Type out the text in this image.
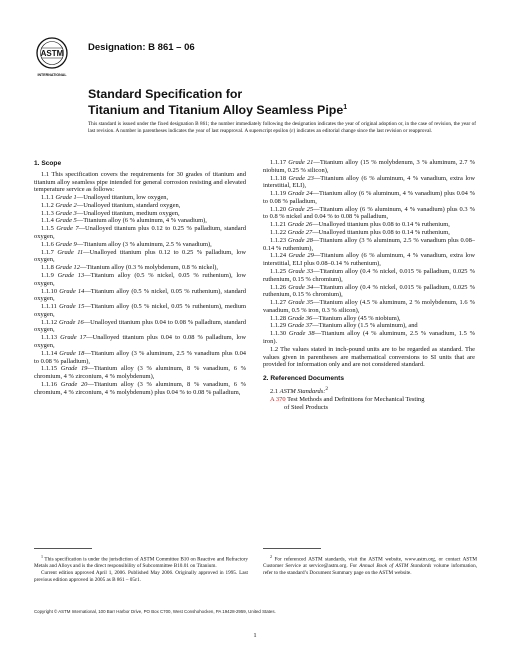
ASTM
INTERNATIONAL
Designation: B 861 – 06
Standard Specification for
Titanium and Titanium Alloy Seamless Pipe$^1$
This standard is issued under the fixed designation B 861; the number immediately following the designation indicates the year of original adoption or, in the case of revision, the year of last revision. A number in parentheses indicates the year of last reapproval. A superscript epsilon (ε) indicates an editorial change since the last revision or reapproval.
1. Scope
1.1 This specification covers the requirements for 30 grades of titanium and titanium alloy seamless pipe intended for general corrosion resisting and elevated temperature service as follows:
1.1.1 Grade 1—Unalloyed titanium, low oxygen,
1.1.2 Grade 2—Unalloyed titanium, standard oxygen,
1.1.3 Grade 3—Unalloyed titanium, medium oxygen,
1.1.4 Grade 5—Titanium alloy (6 % aluminum, 4 % vanadium),
1.1.5 Grade 7—Unalloyed titanium plus 0.12 to 0.25 % palladium, standard oxygen,
1.1.6 Grade 9—Titanium alloy (3 % aluminum, 2.5 % vanadium),
1.1.7 Grade 11—Unalloyed titanium plus 0.12 to 0.25 % palladium, low oxygen,
1.1.8 Grade 12—Titanium alloy (0.3 % molybdenum, 0.8 % nickel),
1.1.9 Grade 13—Titanium alloy (0.5 % nickel, 0.05 % ruthenium), low oxygen,
1.1.10 Grade 14—Titanium alloy (0.5 % nickel, 0.05 % ruthenium), standard oxygen,
1.1.11 Grade 15—Titanium alloy (0.5 % nickel, 0.05 % ruthenium), medium oxygen,
1.1.12 Grade 16—Unalloyed titanium plus 0.04 to 0.08 % palladium, standard oxygen,
1.1.13 Grade 17—Unalloyed titanium plus 0.04 to 0.08 % palladium, low oxygen,
1.1.14 Grade 18—Titanium alloy (3 % aluminum, 2.5 % vanadium plus 0.04 to 0.08 % palladium),
1.1.15 Grade 19—Titanium alloy (3 % aluminum, 8 % vanadium, 6 % chromium, 4 % zirconium, 4 % molybdenum),
1.1.16 Grade 20—Titanium alloy (3 % aluminum, 8 % vanadium, 6 % chromium, 4 % zirconium, 4 % molybdenum) plus 0.04 % to 0.08 % palladium,
1.1.17 Grade 21—Titanium alloy (15 % molybdenum, 3 % aluminum, 2.7 % niobium, 0.25 % silicon),
1.1.18 Grade 23—Titanium alloy (6 % aluminum, 4 % vanadium, extra low interstitial, ELI),
1.1.19 Grade 24—Titanium alloy (6 % aluminum, 4 % vanadium) plus 0.04 % to 0.08 % palladium,
1.1.20 Grade 25—Titanium alloy (6 % aluminum, 4 % vanadium) plus 0.3 % to 0.8 % nickel and 0.04 % to 0.08 % palladium,
1.1.21 Grade 26—Unalloyed titanium plus 0.08 to 0.14 % ruthenium,
1.1.22 Grade 27—Unalloyed titanium plus 0.08 to 0.14 % ruthenium,
1.1.23 Grade 28—Titanium alloy (3 % aluminum, 2.5 % vanadium plus 0.08–0.14 % ruthenium),
1.1.24 Grade 29—Titanium alloy (6 % aluminum, 4 % vanadium, extra low interstitial, ELI plus 0.08–0.14 % ruthenium),
1.1.25 Grade 33—Titanium alloy (0.4 % nickel, 0.015 % palladium, 0.025 % ruthenium, 0.15 % chromium),
1.1.26 Grade 34—Titanium alloy (0.4 % nickel, 0.015 % palladium, 0.025 % ruthenium, 0.15 % chromium),
1.1.27 Grade 35—Titanium alloy (4.5 % aluminum, 2 % molybdenum, 1.6 % vanadium, 0.5 % iron, 0.3 % silicon),
1.1.28 Grade 36—Titanium alloy (45 % niobium),
1.1.29 Grade 37—Titanium alloy (1.5 % aluminum), and
1.1.30 Grade 38—Titanium alloy (4 % aluminum, 2.5 % vanadium, 1.5 % iron).
1.2 The values stated in inch-pound units are to be regarded as standard. The values given in parentheses are mathematical conversions to SI units that are provided for information only and are not considered standard.
2. Referenced Documents
2.1 ASTM Standards:$^2$
A 370 Test Methods and Definitions for Mechanical Testing
of Steel Products
$^1$ This specification is under the jurisdiction of ASTM Committee B10 on Reactive and Refractory Metals and Alloys and is the direct responsibility of Subcommittee B10.01 on Titanium.
Current edition approved April 1, 2006. Published May 2006. Originally approved in 1995. Last previous edition approved in 2005 as B 861 – 05ε1.
$^2$ For referenced ASTM standards, visit the ASTM website, www.astm.org, or contact ASTM Customer Service at service@astm.org. For Annual Book of ASTM Standards volume information, refer to the standard’s Document Summary page on the ASTM website.
Copyright © ASTM International, 100 Barr Harbor Drive, PO Box C700, West Conshohocken, PA 19428-2959, United States.
1
